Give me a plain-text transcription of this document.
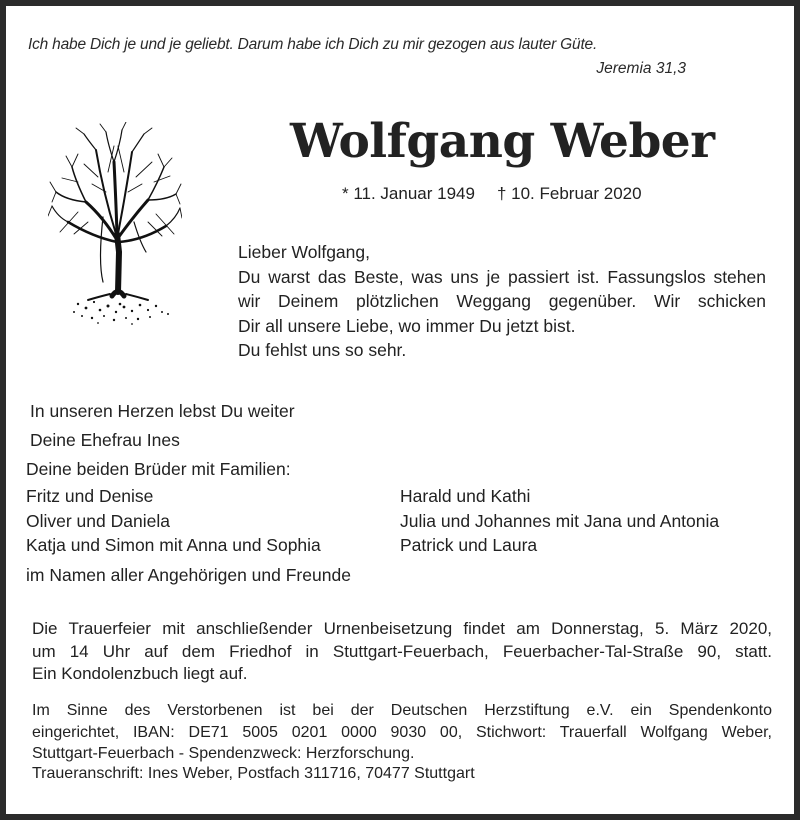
Ich habe Dich je und je geliebt. Darum habe ich Dich zu mir gezogen aus lauter Güte.
Jeremia 31,3
Wolfgang Weber
* 11. Januar 1949 † 10. Februar 2020
Lieber Wolfgang,
Du warst das Beste, was uns je passiert ist. Fassungslos stehen
wir Deinem plötzlichen Weggang gegenüber. Wir schicken
Dir all unsere Liebe, wo immer Du jetzt bist.
Du fehlst uns so sehr.
In unseren Herzen lebst Du weiter
Deine Ehefrau Ines
Deine beiden Brüder mit Familien:
Fritz und Denise
Oliver und Daniela
Katja und Simon mit Anna und Sophia
Harald und Kathi
Julia und Johannes mit Jana und Antonia
Patrick und Laura
im Namen aller Angehörigen und Freunde
Die Trauerfeier mit anschließender Urnenbeisetzung findet am Donnerstag, 5. März 2020,
um 14 Uhr auf dem Friedhof in Stuttgart-Feuerbach, Feuerbacher-Tal-Straße 90, statt.
Ein Kondolenzbuch liegt auf.
Im Sinne des Verstorbenen ist bei der Deutschen Herzstiftung e.V. ein Spendenkonto
eingerichtet, IBAN: DE71 5005 0201 0000 9030 00, Stichwort: Trauerfall Wolfgang Weber,
Stuttgart-Feuerbach - Spendenzweck: Herzforschung.
Traueranschrift: Ines Weber, Postfach 311716, 70477 Stuttgart
